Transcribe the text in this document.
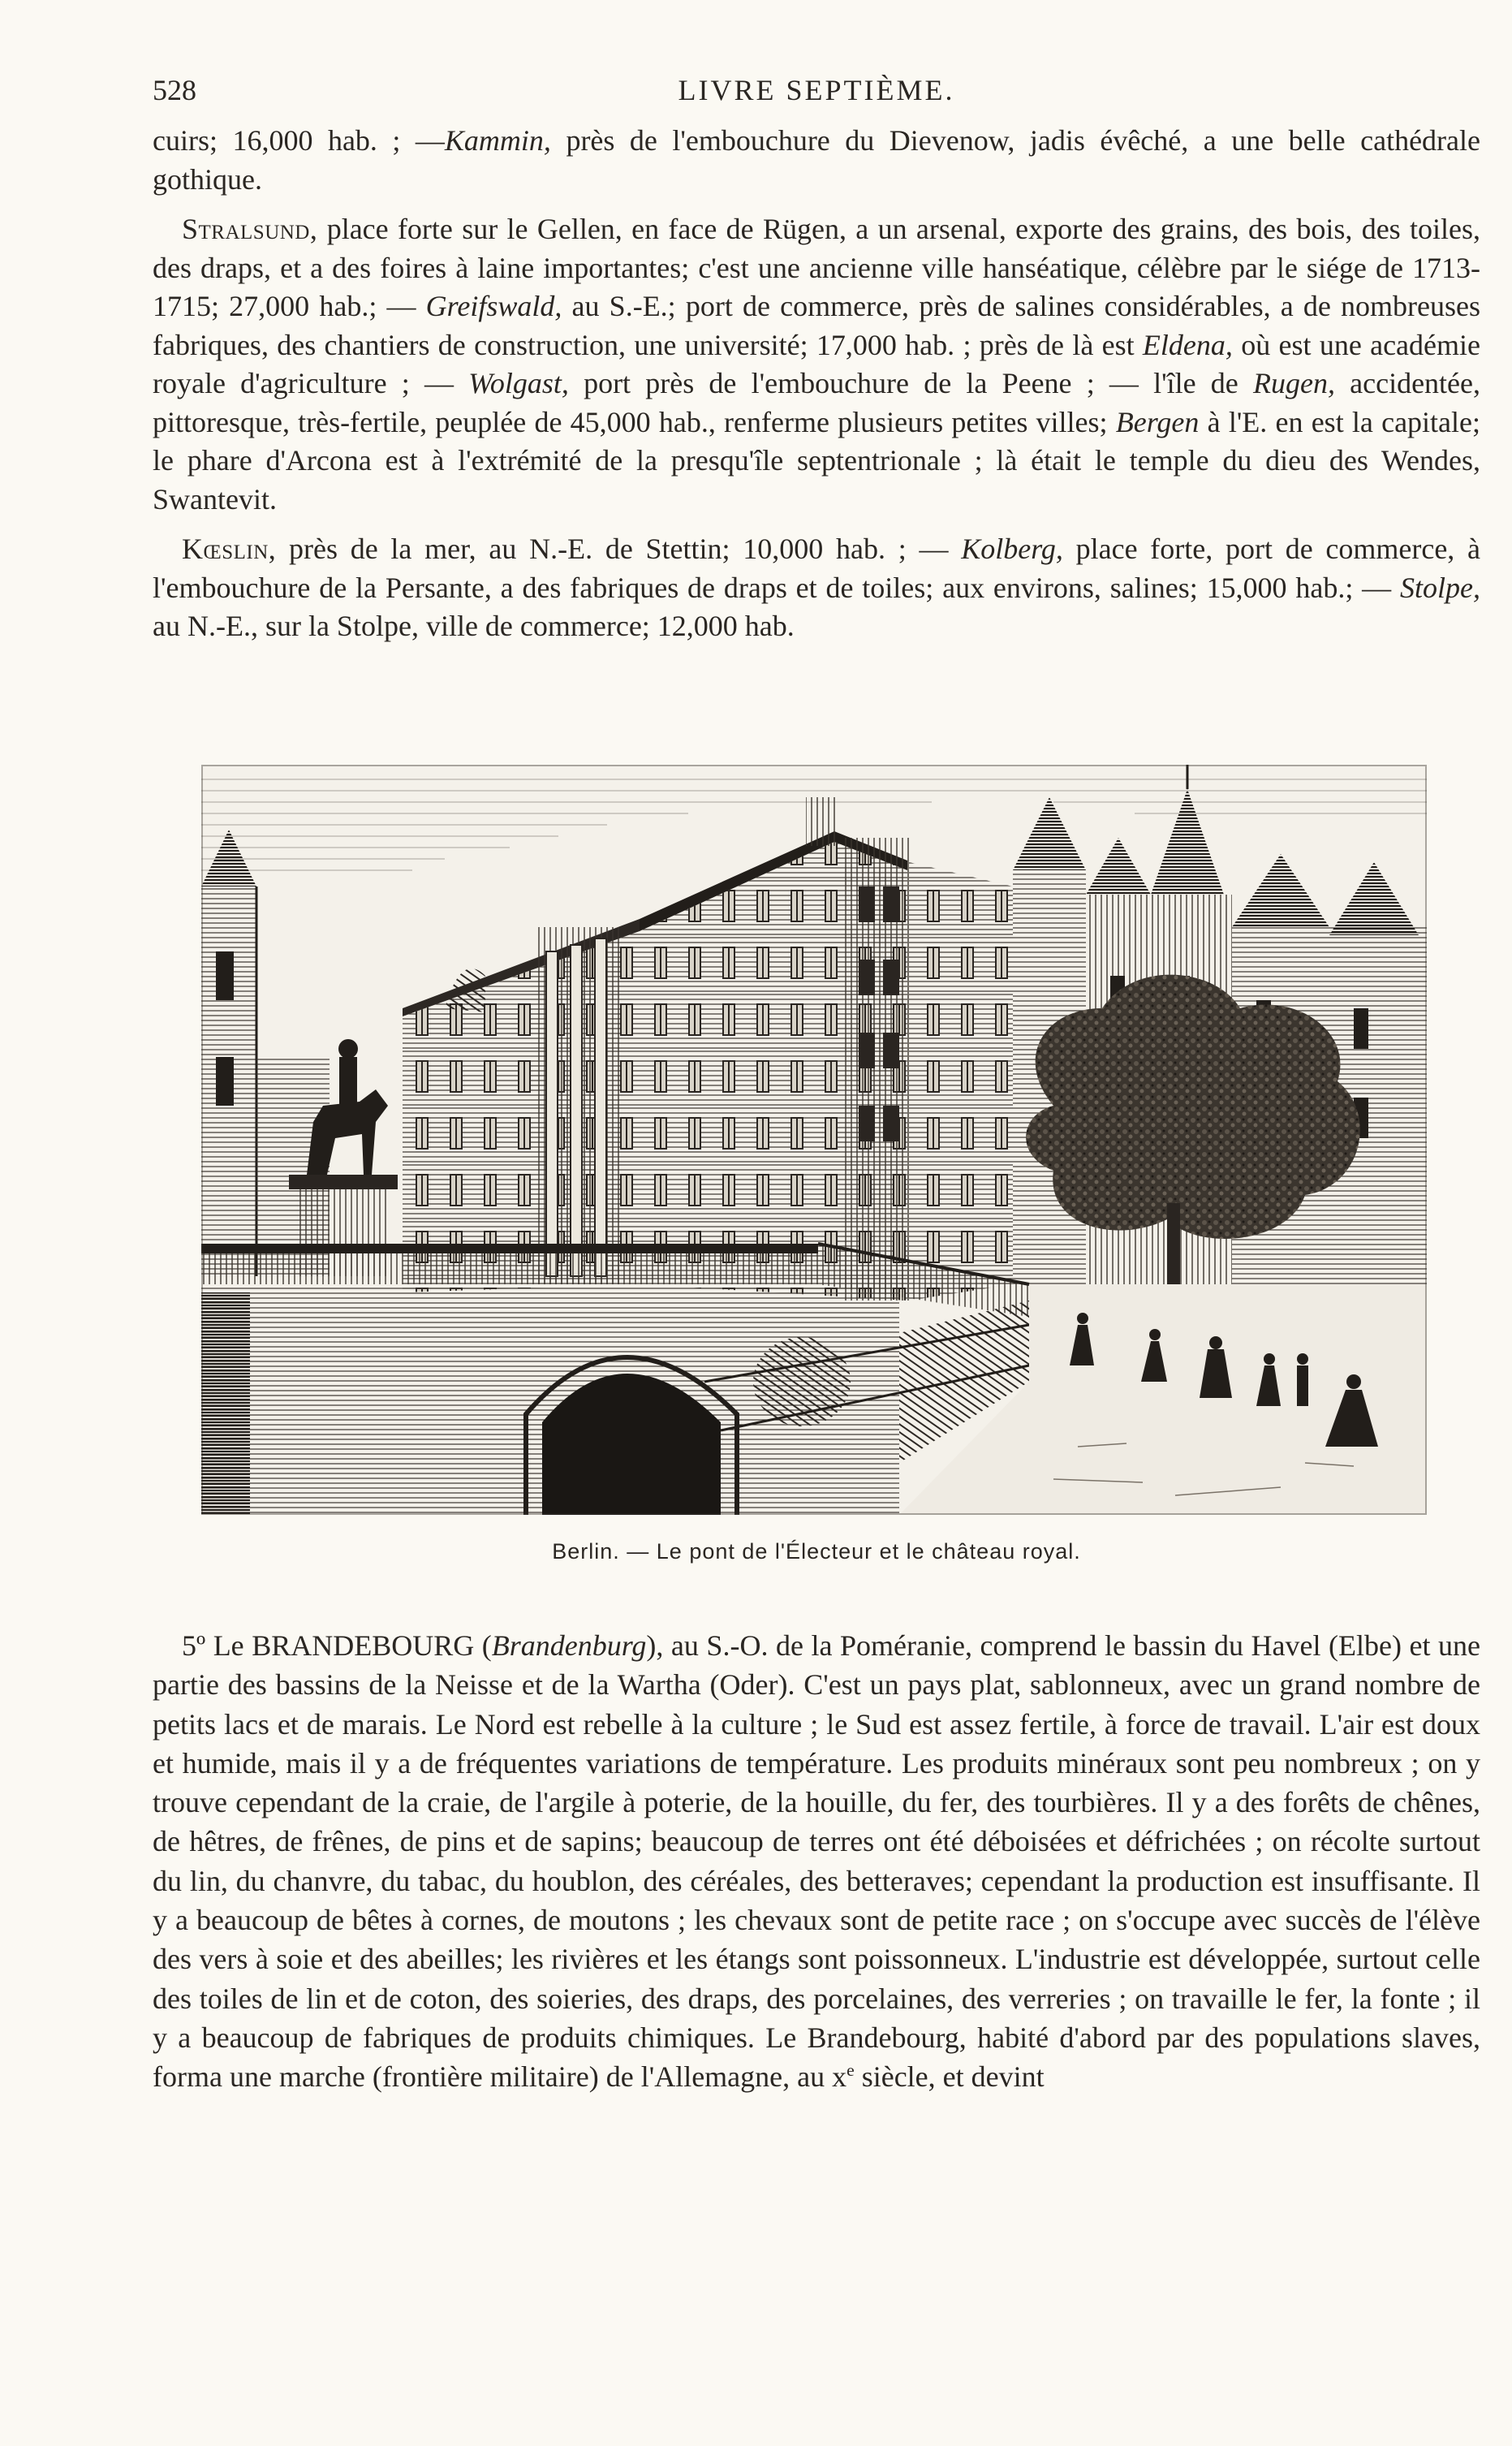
528	LIVRE SEPTIÈME.

cuirs; 16,000 hab. ; —Kammin, près de l'embouchure du Dievenow, jadis évêché, a une belle cathédrale gothique.

Stralsund, place forte sur le Gellen, en face de Rügen, a un arsenal, exporte des grains, des bois, des toiles, des draps, et a des foires à laine importantes; c'est une ancienne ville hanséatique, célèbre par le siége de 1713-1715; 27,000 hab.; — Greifswald, au S.-E.; port de commerce, près de salines considérables, a de nombreuses fabriques, des chantiers de construction, une université; 17,000 hab. ; près de là est Eldena, où est une académie royale d'agriculture ; — Wolgast, port près de l'embouchure de la Peene ; — l'île de Rugen, accidentée, pittoresque, très-fertile, peuplée de 45,000 hab., renferme plusieurs petites villes; Bergen à l'E. en est la capitale; le phare d'Arcona est à l'extrémité de la presqu'île septentrionale ; là était le temple du dieu des Wendes, Swantevit.

Kœslin, près de la mer, au N.-E. de Stettin; 10,000 hab. ; — Kolberg, place forte, port de commerce, à l'embouchure de la Persante, a des fabriques de draps et de toiles; aux environs, salines; 15,000 hab.; — Stolpe, au N.-E., sur la Stolpe, ville de commerce; 12,000 hab.

Berlin. — Le pont de l'Électeur et le château royal.

5º Le BRANDEBOURG (Brandenburg), au S.-O. de la Poméranie, comprend le bassin du Havel (Elbe) et une partie des bassins de la Neisse et de la Wartha (Oder). C'est un pays plat, sablonneux, avec un grand nombre de petits lacs et de marais. Le Nord est rebelle à la culture ; le Sud est assez fertile, à force de travail. L'air est doux et humide, mais il y a de fréquentes variations de température. Les produits minéraux sont peu nombreux ; on y trouve cependant de la craie, de l'argile à poterie, de la houille, du fer, des tourbières. Il y a des forêts de chênes, de hêtres, de frênes, de pins et de sapins; beaucoup de terres ont été déboisées et défrichées ; on récolte surtout du lin, du chanvre, du tabac, du houblon, des céréales, des betteraves; cependant la production est insuffisante. Il y a beaucoup de bêtes à cornes, de moutons ; les chevaux sont de petite race ; on s'occupe avec succès de l'élève des vers à soie et des abeilles; les rivières et les étangs sont poissonneux. L'industrie est développée, surtout celle des toiles de lin et de coton, des soieries, des draps, des porcelaines, des verreries ; on travaille le fer, la fonte ; il y a beaucoup de fabriques de produits chimiques. Le Brandebourg, habité d'abord par des populations slaves, forma une marche (frontière militaire) de l'Allemagne, au $x^e$ siècle, et devint
